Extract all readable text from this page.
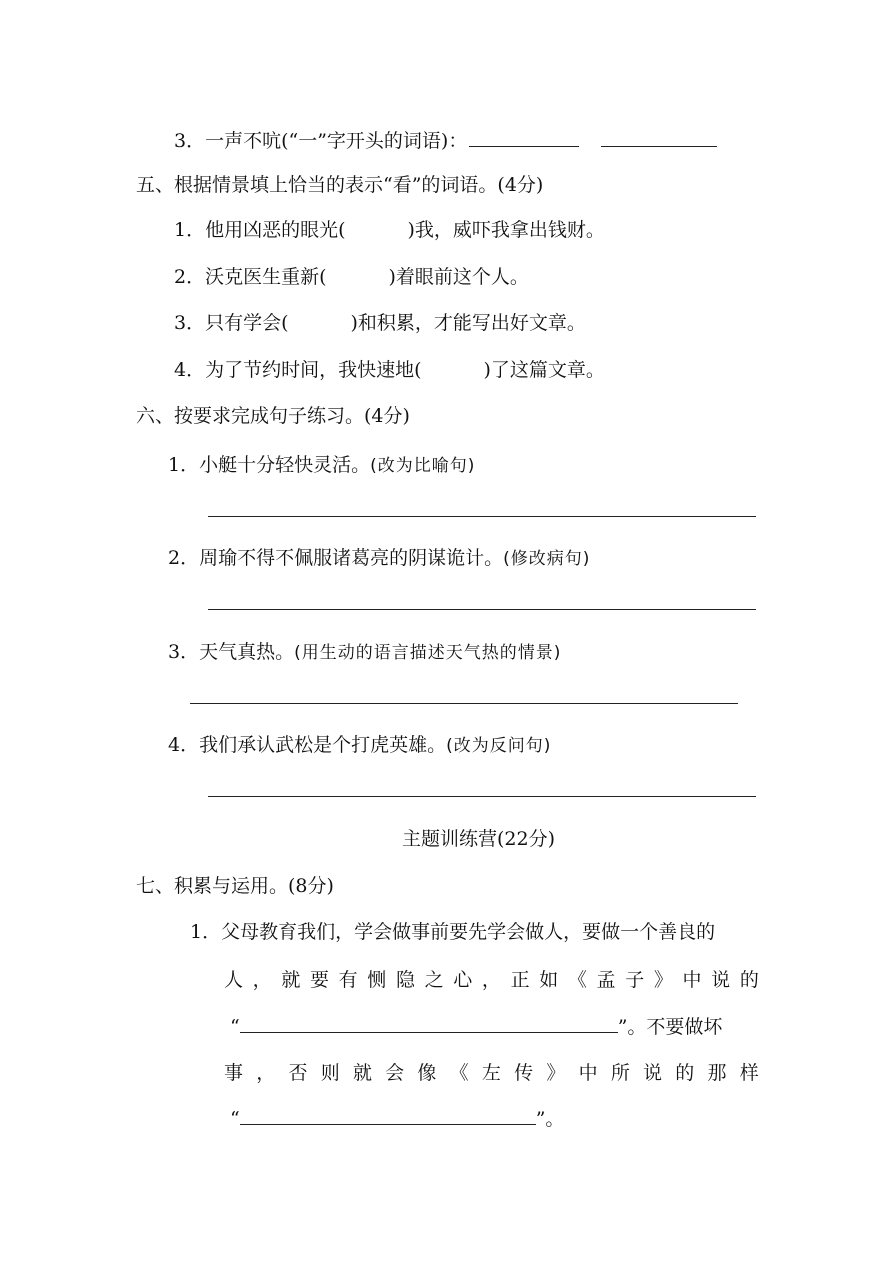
3．一声不吭(“一”字开头的词语)：
五、根据情景填上恰当的表示“看”的词语。(4分)
1．他用凶恶的眼光(	)我，威吓我拿出钱财。
2．沃克医生重新(	)着眼前这个人。
3．只有学会(	)和积累，才能写出好文章。
4．为了节约时间，我快速地(	)了这篇文章。
六、按要求完成句子练习。(4分)
1．小艇十分轻快灵活。(改为比喻句)
2．周瑜不得不佩服诸葛亮的阴谋诡计。(修改病句)
3．天气真热。(用生动的语言描述天气热的情景)
4．我们承认武松是个打虎英雄。(改为反问句)
主题训练营(22分)
七、积累与运用。(8分)
1．父母教育我们，学会做事前要先学会做人，要做一个善良的
人 ， 就 要 有 恻 隐 之 心 ， 正 如 《 孟 子 》 中 说 的
“	”。不要做坏
事 ， 否 则 就 会 像 《 左 传 》 中 所 说 的 那 样
“	”。
